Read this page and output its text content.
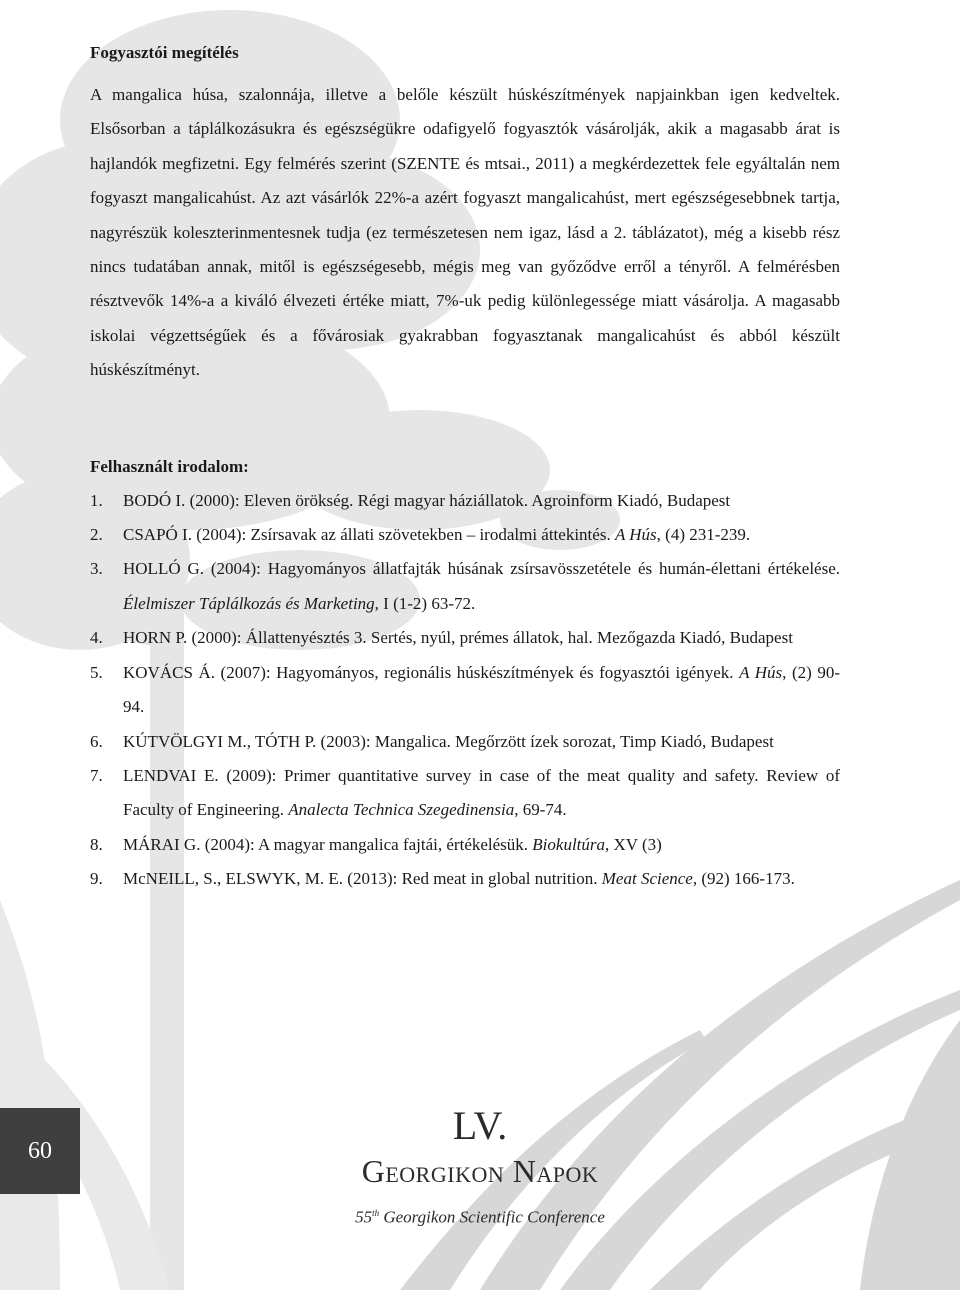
Fogyasztói megítélés

A mangalica húsa, szalonnája, illetve a belőle készült húskészítmények napjainkban igen kedveltek. Elsősorban a táplálkozásukra és egészségükre odafigyelő fogyasztók vásárolják, akik a magasabb árat is hajlandók megfizetni. Egy felmérés szerint (SZENTE és mtsai., 2011) a megkérdezettek fele egyáltalán nem fogyaszt mangalicahúst. Az azt vásárlók 22%-a azért fogyaszt mangalicahúst, mert egészségesebbnek tartja, nagyrészük koleszterinmentesnek tudja (ez természetesen nem igaz, lásd a 2. táblázatot), még a kisebb rész nincs tudatában annak, mitől is egészségesebb, mégis meg van győződve erről a tényről. A felmérésben résztvevők 14%-a a kiváló élvezeti értéke miatt, 7%-uk pedig különlegessége miatt vásárolja. A magasabb iskolai végzettségűek és a fővárosiak gyakrabban fogyasztanak mangalicahúst és abból készült húskészítményt.

Felhasznált irodalom:

1. BODÓ I. (2000): Eleven örökség. Régi magyar háziállatok. Agroinform Kiadó, Budapest
2. CSAPÓ I. (2004): Zsírsavak az állati szövetekben – irodalmi áttekintés. A Hús, (4) 231-239.
3. HOLLÓ G. (2004): Hagyományos állatfajták húsának zsírsavösszetétele és humán-élettani értékelése. Élelmiszer Táplálkozás és Marketing, I (1-2) 63-72.
4. HORN P. (2000): Állattenyésztés 3. Sertés, nyúl, prémes állatok, hal. Mezőgazda Kiadó, Budapest
5. KOVÁCS Á. (2007): Hagyományos, regionális húskészítmények és fogyasztói igények. A Hús, (2) 90-94.
6. KÚTVÖLGYI M., TÓTH P. (2003): Mangalica. Megőrzött ízek sorozat, Timp Kiadó, Budapest
7. LENDVAI E. (2009): Primer quantitative survey in case of the meat quality and safety. Review of Faculty of Engineering. Analecta Technica Szegedinensia, 69-74.
8. MÁRAI G. (2004): A magyar mangalica fajtái, értékelésük. Biokultúra, XV (3)
9. McNEILL, S., ELSWYK, M. E. (2013): Red meat in global nutrition. Meat Science, (92) 166-173.
60
LV.
Georgikon Napok
55th Georgikon Scientific Conference
